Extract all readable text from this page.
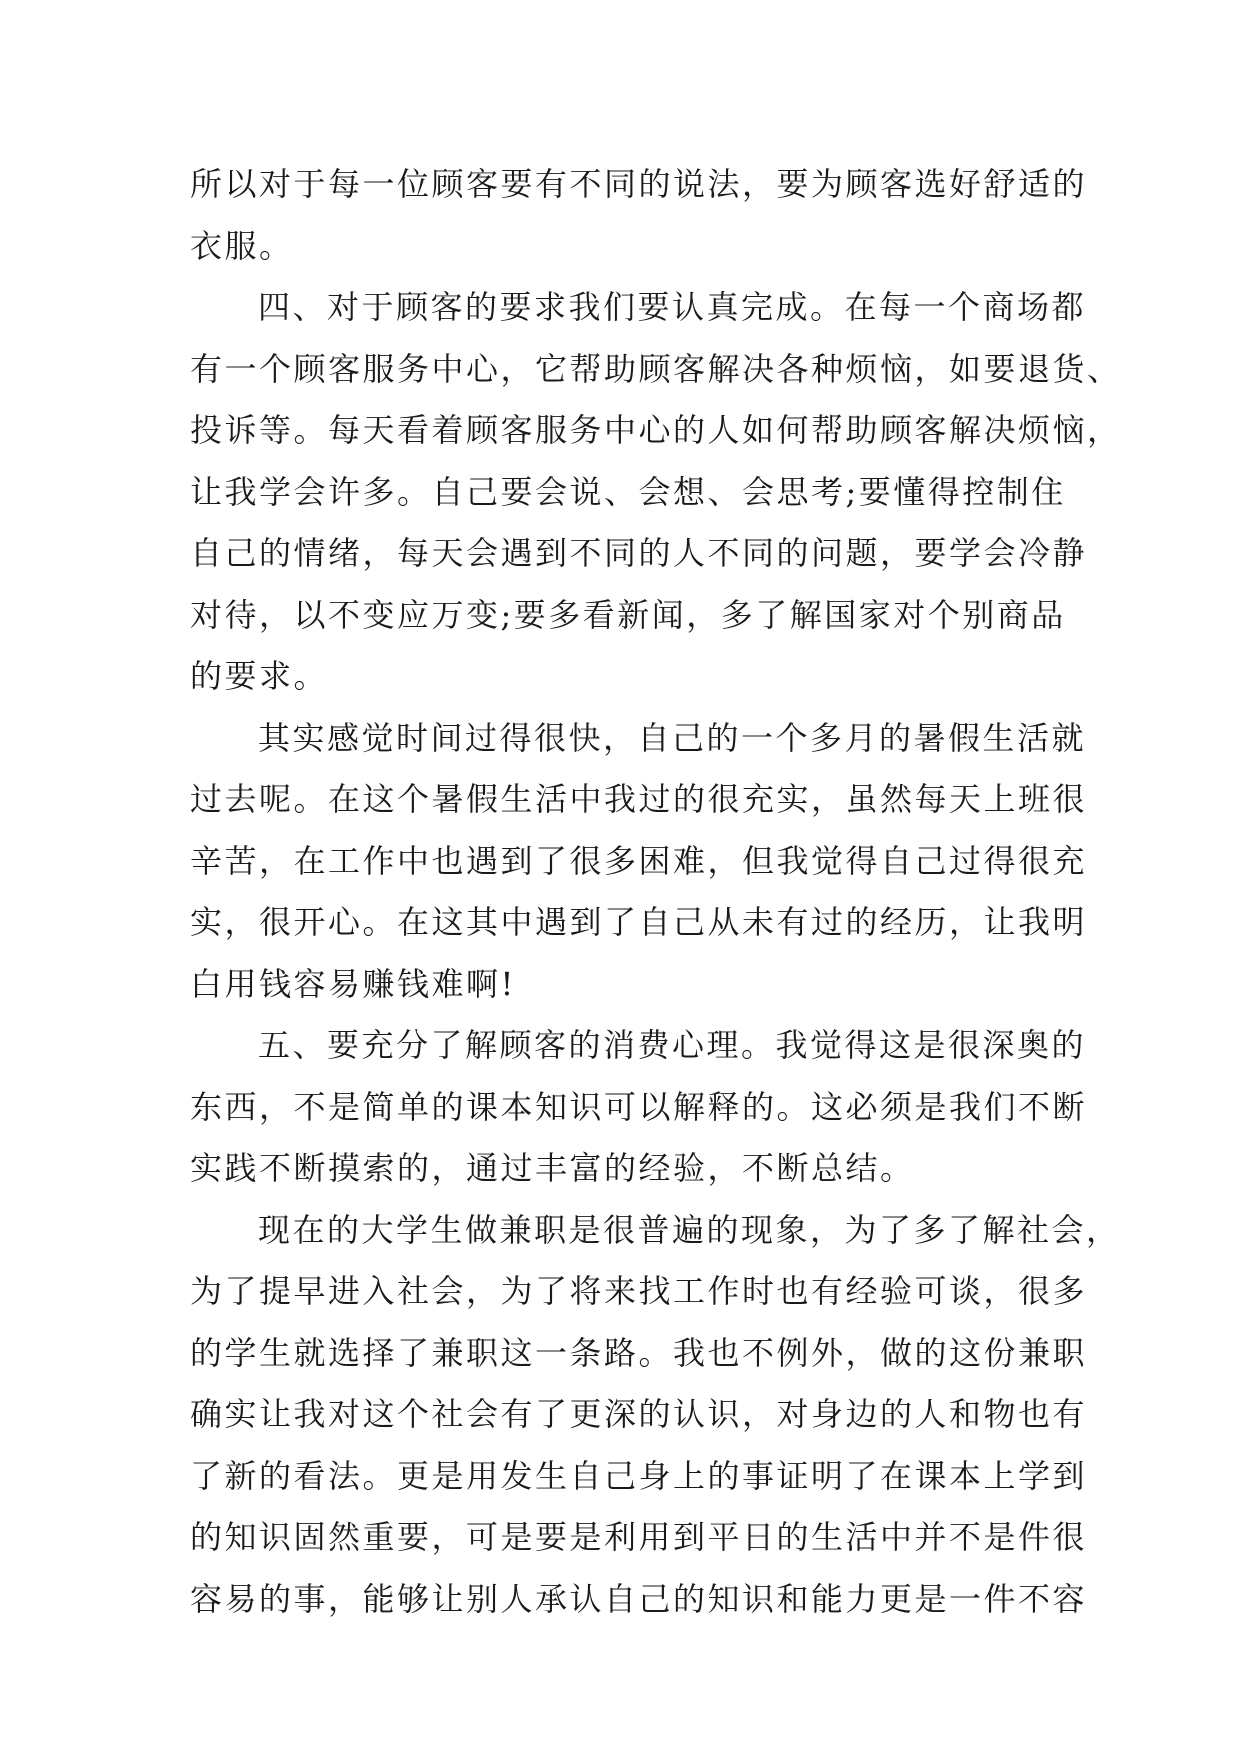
所以对于每一位顾客要有不同的说法，要为顾客选好舒适的
衣服。
四、对于顾客的要求我们要认真完成。在每一个商场都
有一个顾客服务中心，它帮助顾客解决各种烦恼，如要退货、
投诉等。每天看着顾客服务中心的人如何帮助顾客解决烦恼，
让我学会许多。自己要会说、会想、会思考;要懂得控制住
自己的情绪，每天会遇到不同的人不同的问题，要学会冷静
对待，以不变应万变;要多看新闻，多了解国家对个别商品
的要求。
其实感觉时间过得很快，自己的一个多月的暑假生活就
过去呢。在这个暑假生活中我过的很充实，虽然每天上班很
辛苦，在工作中也遇到了很多困难，但我觉得自己过得很充
实，很开心。在这其中遇到了自己从未有过的经历，让我明
白用钱容易赚钱难啊!
五、要充分了解顾客的消费心理。我觉得这是很深奥的
东西，不是简单的课本知识可以解释的。这必须是我们不断
实践不断摸索的，通过丰富的经验，不断总结。
现在的大学生做兼职是很普遍的现象，为了多了解社会，
为了提早进入社会，为了将来找工作时也有经验可谈，很多
的学生就选择了兼职这一条路。我也不例外，做的这份兼职
确实让我对这个社会有了更深的认识，对身边的人和物也有
了新的看法。更是用发生自己身上的事证明了在课本上学到
的知识固然重要，可是要是利用到平日的生活中并不是件很
容易的事，能够让别人承认自己的知识和能力更是一件不容
